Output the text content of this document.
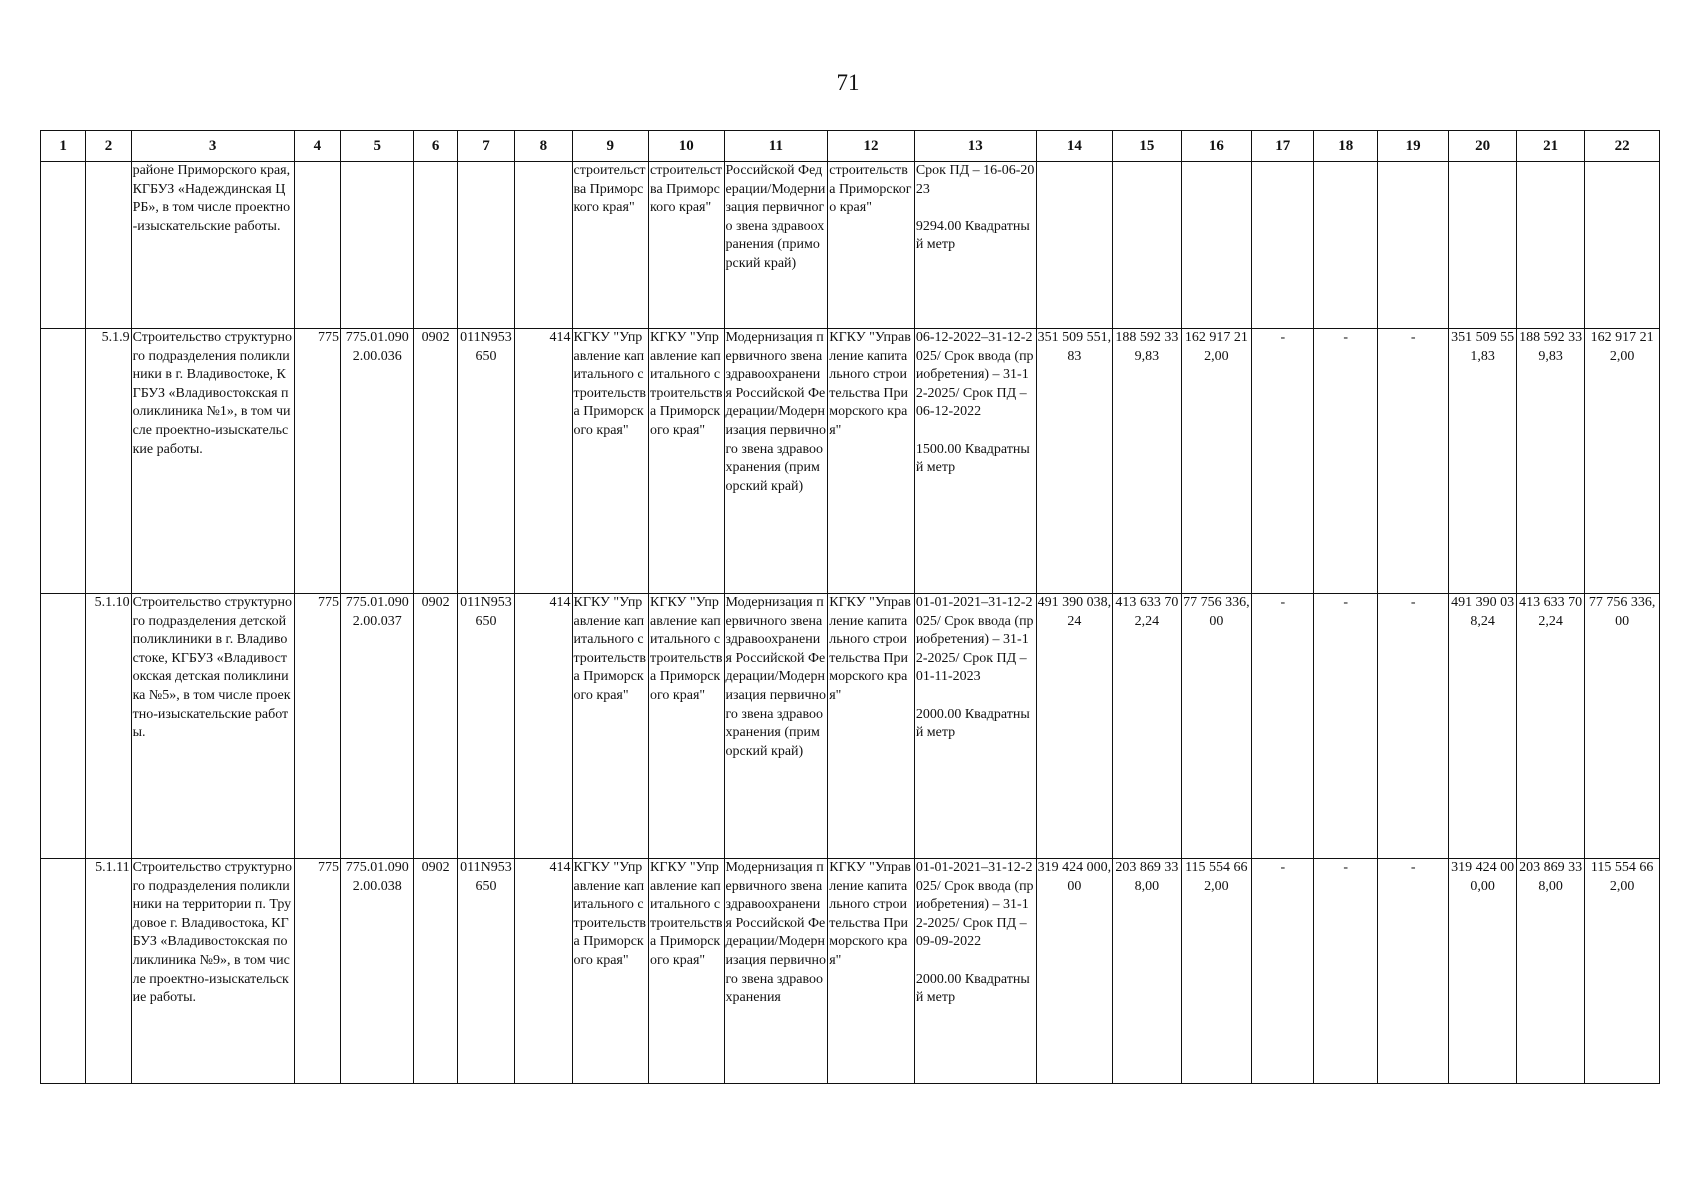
71
1	2	3	4	5	6	7	8	9	10	11	12	13	14	15	16	17	18	19	20	21	22
		районе Приморского края, КГБУЗ «Надеждинская ЦРБ», в том числе проектно-изыскательские работы.						строительства Приморского края"	строительства Приморского края"	Российской Федерации/Модернизация первичного звена здравоохранения (приморский край)	строительства Приморского края"	Срок ПД – 16-06-2023

9294.00 Квадратный метр									
	5.1.9	Строительство структурного подразделения поликлиники в г. Владивостоке, КГБУЗ «Владивостокская поликлиника №1», в том числе проектно-изыскательские работы.	775	775.01.0902.00.036	0902	011N953650	414	КГКУ "Управление капитального строительства Приморского края"	КГКУ "Управление капитального строительства Приморского края"	Модернизация первичного звена здравоохранения Российской Федерации/Модернизация первичного звена здравоохранения (приморский край)	КГКУ "Управление капитального строительства Приморского края"	06-12-2022–31-12-2025/ Срок ввода (приобретения) – 31-12-2025/ Срок ПД – 06-12-2022

1500.00 Квадратный метр	351 509 551,83	188 592 339,83	162 917 212,00	-	-	-	351 509 551,83	188 592 339,83	162 917 212,00
	5.1.10	Строительство структурного подразделения детской поликлиники в г. Владивостоке, КГБУЗ «Владивостокская детская поликлиника №5», в том числе проектно-изыскательские работы.	775	775.01.0902.00.037	0902	011N953650	414	КГКУ "Управление капитального строительства Приморского края"	КГКУ "Управление капитального строительства Приморского края"	Модернизация первичного звена здравоохранения Российской Федерации/Модернизация первичного звена здравоохранения (приморский край)	КГКУ "Управление капитального строительства Приморского края"	01-01-2021–31-12-2025/ Срок ввода (приобретения) – 31-12-2025/ Срок ПД – 01-11-2023

2000.00 Квадратный метр	491 390 038,24	413 633 702,24	77 756 336,00	-	-	-	491 390 038,24	413 633 702,24	77 756 336,00
	5.1.11	Строительство структурного подразделения поликлиники на территории п. Трудовое г. Владивостока, КГБУЗ «Владивостокская поликлиника №9», в том числе проектно-изыскательские работы.	775	775.01.0902.00.038	0902	011N953650	414	КГКУ "Управление капитального строительства Приморского края"	КГКУ "Управление капитального строительства Приморского края"	Модернизация первичного звена здравоохранения Российской Федерации/Модернизация первичного звена здравоохранения	КГКУ "Управление капитального строительства Приморского края"	01-01-2021–31-12-2025/ Срок ввода (приобретения) – 31-12-2025/ Срок ПД – 09-09-2022

2000.00 Квадратный метр	319 424 000,00	203 869 338,00	115 554 662,00	-	-	-	319 424 000,00	203 869 338,00	115 554 662,00
